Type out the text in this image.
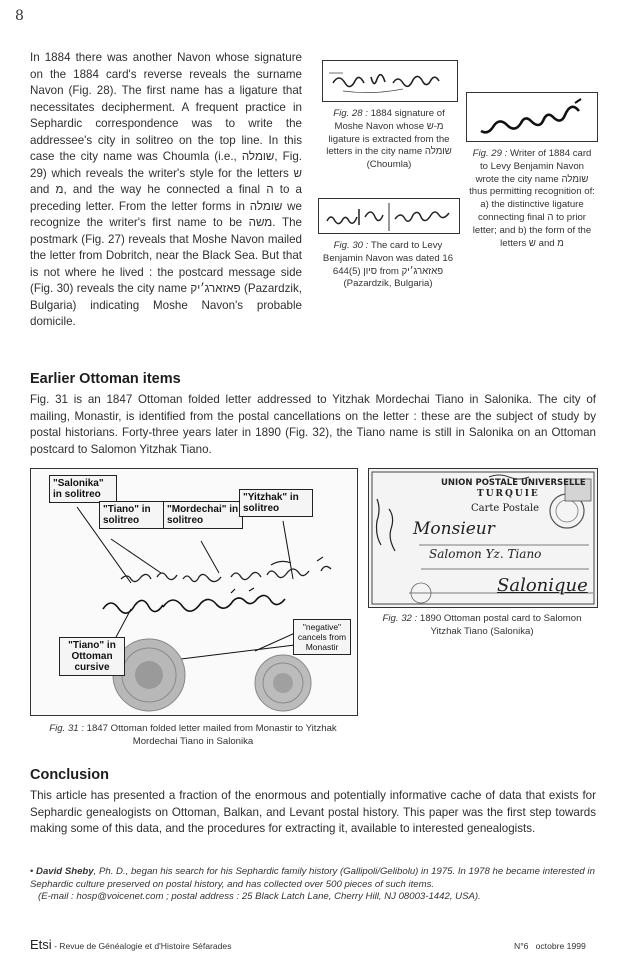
8

In 1884 there was another Navon whose signature on the 1884 card's reverse reveals the surname Navon (Fig. 28). The first name has a ligature that necessitates decipherment. A frequent practice in Sephardic correspondence was to write the addressee's city in solitreo on the top line. In this case the city name was Choumla (i.e., שומלה, Fig. 29) which reveals the writer's style for the letters ש and מ, and the way he connected a final ה to a preceding letter. From the letter forms in שומלה we recognize the writer's first name to be משה. The postmark (Fig. 27) reveals that Moshe Navon mailed the letter from Dobritch, near the Black Sea. But that is not where he lived : the postcard message side (Fig. 30) reveals the city name פאזארג׳יק (Pazardzik, Bulgaria) indicating Moshe Navon's probable domicile.

Fig. 28 : 1884 signature of Moshe Navon whose מ-ש ligature is extracted from the letters in the city name שומלה (Choumla)
Fig. 29 : Writer of 1884 card to Levy Benjamin Navon wrote the city name שומלה thus permitting recognition of: a) the distinctive ligature connecting final ה to prior letter; and b) the form of the letters ש and מ
Fig. 30 : The card to Levy Benjamin Navon was dated 16 סיון (5)644 from פאזארג׳יק (Pazardzik, Bulgaria)
Earlier Ottoman items

Fig. 31 is an 1847 Ottoman folded letter addressed to Yitzhak Mordechai Tiano in Salonika. The city of mailing, Monastir, is identified from the postal cancellations on the letter : these are the subject of study by postal historians. Forty-three years later in 1890 (Fig. 32), the Tiano name is still in Salonika on an Ottoman postcard to Salomon Yitzhak Tiano.

"Salonika" in solitreo
"Tiano" in solitreo
"Mordechai" in solitreo
"Yitzhak" in solitreo
"negative" cancels from Monastir
"Tiano" in Ottoman cursive
Fig. 31 : 1847 Ottoman folded letter mailed from Monastir to Yitzhak Mordechai Tiano in Salonika
UNION POSTALE UNIVERSELLE
TURQUIE
Carte Postale
Monsieur
Salomon Yz. Tiano
Salonique
Fig. 32 : 1890 Ottoman postal card to Salomon Yitzhak Tiano (Salonika)
Conclusion

This article has presented a fraction of the enormous and potentially informative cache of data that exists for Sephardic genealogists on Ottoman, Balkan, and Levant postal history. This paper was the first step towards making some of this data, and the procedures for extracting it, available to interested genealogists.

• David Sheby, Ph. D., began his search for his Sephardic family history (Gallipoli/Gelibolu) in 1975. In 1978 he became interested in Sephardic culture preserved on postal history, and has collected over 500 pieces of such items.
(E-mail : hosp@voicenet.com ; postal address : 25 Black Latch Lane, Cherry Hill, NJ 08003-1442, USA).
Etsi - Revue de Généalogie et d'Histoire Séfarades	N°6 octobre 1999
